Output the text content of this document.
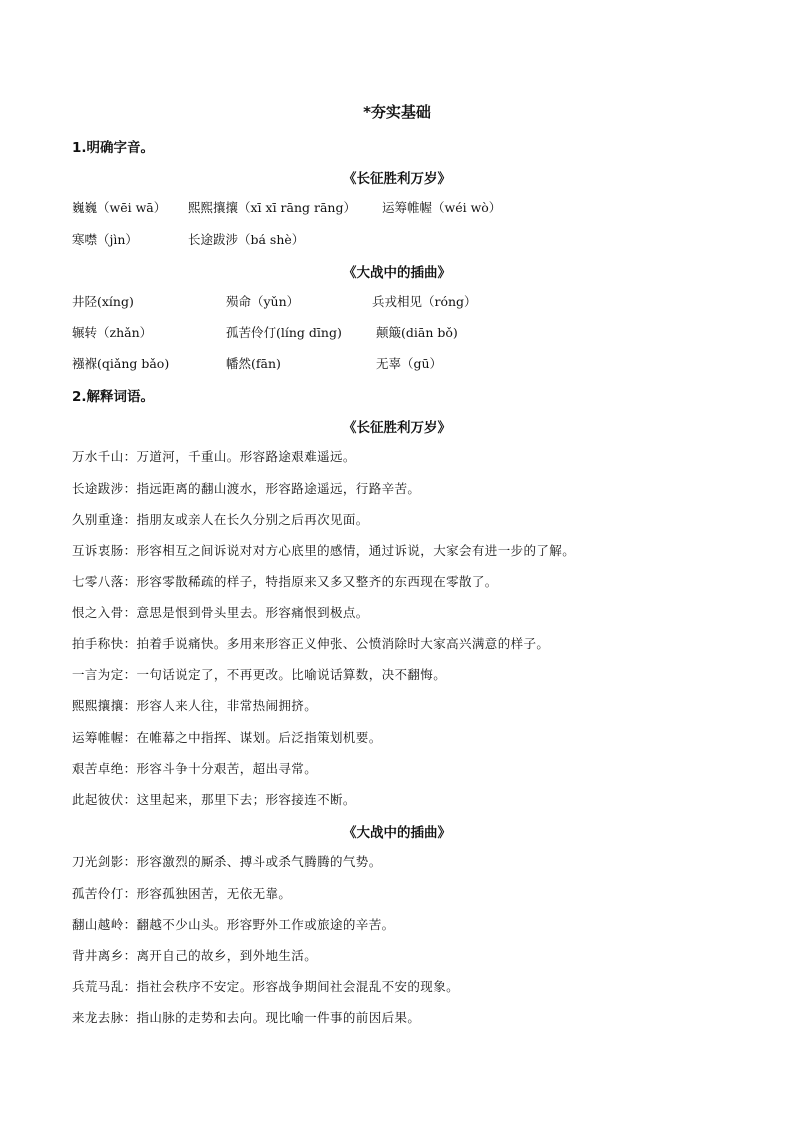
*夯实基础
1.明确字音。
《长征胜利万岁》
巍巍（wēi wā） 熙熙攘攘（xī xī rāng rāng） 运筹帷幄（wéi wò）
寒噤（jìn）	长途跋涉（bá shè）
《大战中的插曲》
井陉(xíng)	殒命（yǔn）	兵戎相见（róng）
辗转（zhǎn）	孤苦伶仃(líng dīng)	颠簸(diān bǒ)
襁褓(qiǎng bǎo)	幡然(fān)	无辜（gū）
2.解释词语。
《长征胜利万岁》
万水千山：万道河，千重山。形容路途艰难遥远。
长途跋涉：指远距离的翻山渡水，形容路途遥远，行路辛苦。
久别重逢：指朋友或亲人在长久分别之后再次见面。
互诉衷肠：形容相互之间诉说对对方心底里的感情，通过诉说，大家会有进一步的了解。
七零八落：形容零散稀疏的样子，特指原来又多又整齐的东西现在零散了。
恨之入骨：意思是恨到骨头里去。形容痛恨到极点。
拍手称快：拍着手说痛快。多用来形容正义伸张、公愤消除时大家高兴满意的样子。
一言为定：一句话说定了，不再更改。比喻说话算数，决不翻悔。
熙熙攘攘：形容人来人往，非常热闹拥挤。
运筹帷幄：在帷幕之中指挥、谋划。后泛指策划机要。
艰苦卓绝：形容斗争十分艰苦，超出寻常。
此起彼伏：这里起来，那里下去；形容接连不断。
《大战中的插曲》
刀光剑影：形容激烈的厮杀、搏斗或杀气腾腾的气势。
孤苦伶仃：形容孤独困苦，无依无靠。
翻山越岭：翻越不少山头。形容野外工作或旅途的辛苦。
背井离乡：离开自己的故乡，到外地生活。
兵荒马乱：指社会秩序不安定。形容战争期间社会混乱不安的现象。
来龙去脉：指山脉的走势和去向。现比喻一件事的前因后果。
